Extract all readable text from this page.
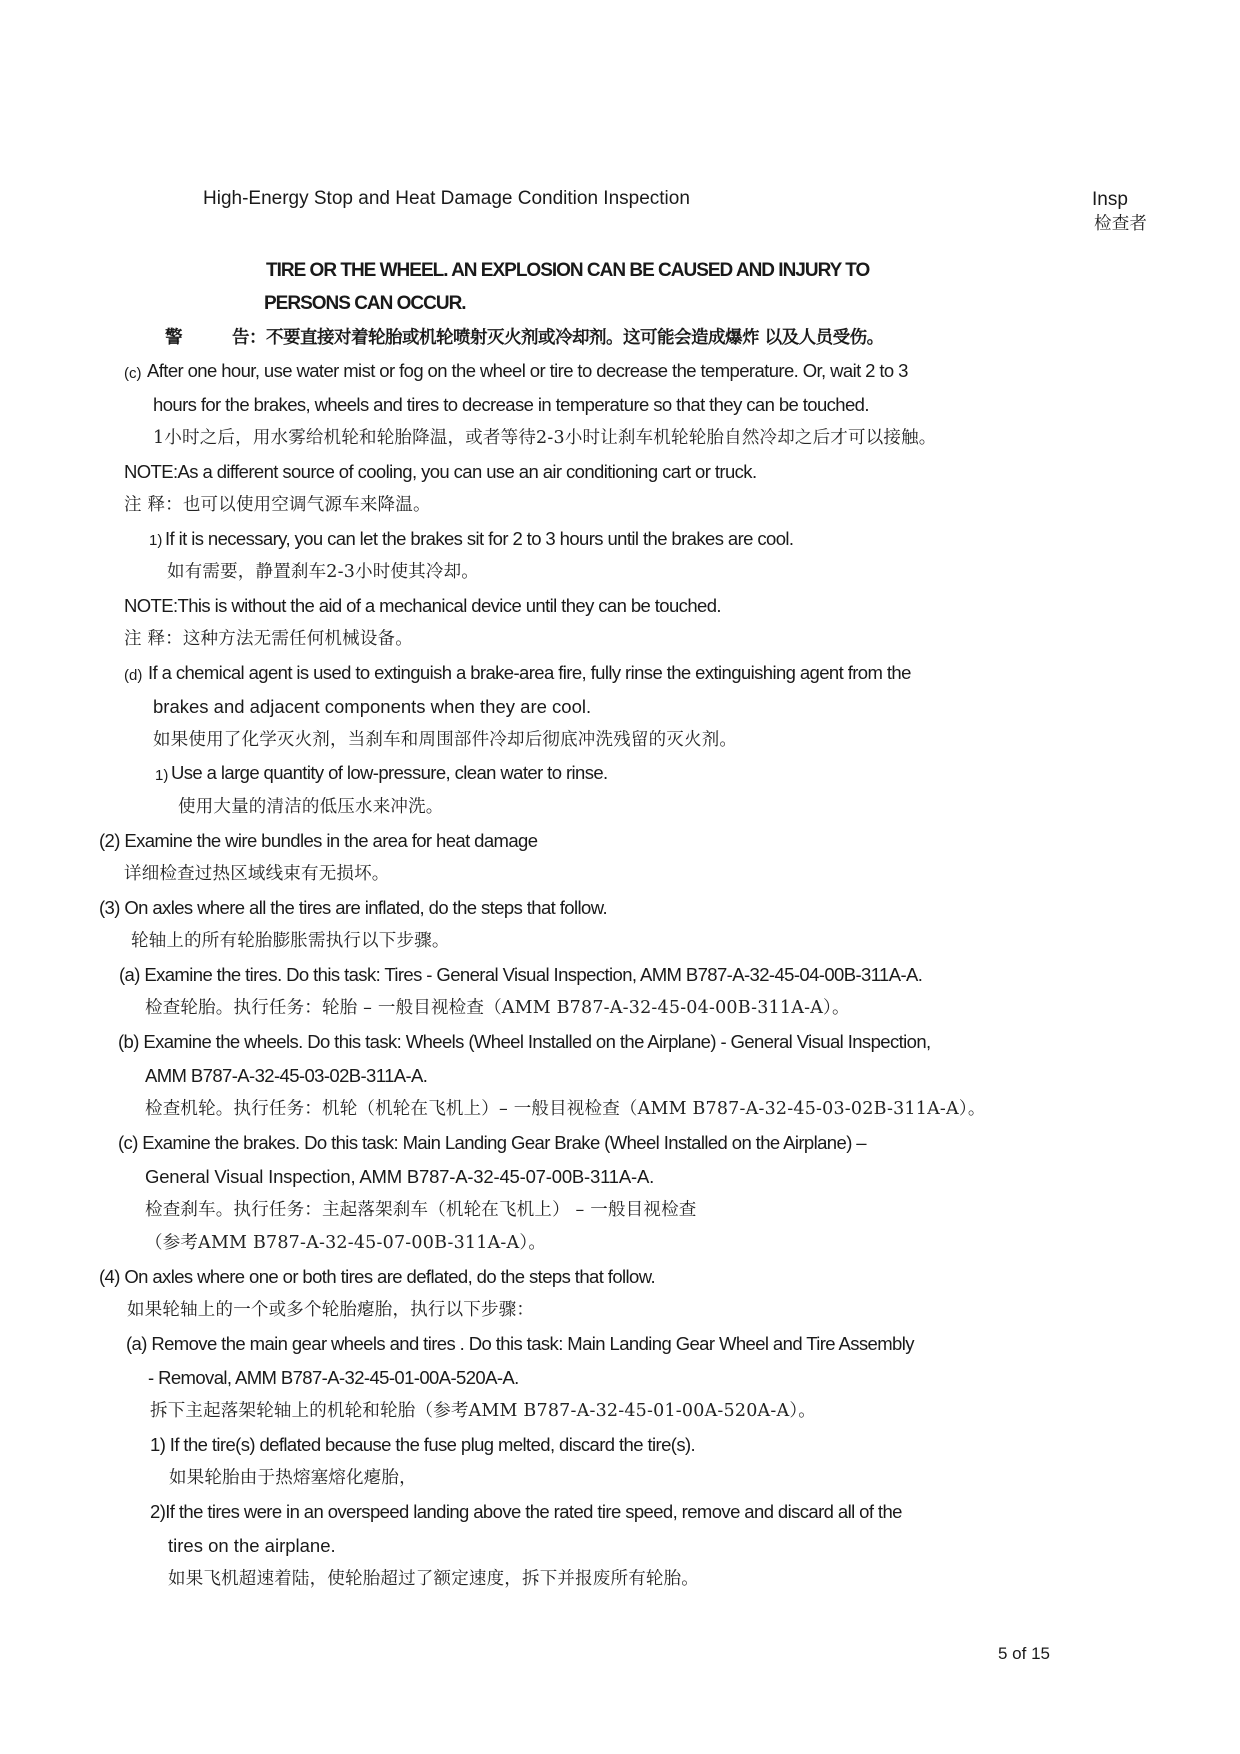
High-Energy Stop and Heat Damage Condition Inspection	Insp
检查者
TIRE OR THE WHEEL. AN EXPLOSION CAN BE CAUSED AND INJURY TO
PERSONS CAN OCCUR.
警	告：不要直接对着轮胎或机轮喷射灭火剂或冷却剂。这可能会造成爆炸 以及人员受伤。
(c) After one hour, use water mist or fog on the wheel or tire to decrease the temperature. Or, wait 2 to 3
hours for the brakes, wheels and tires to decrease in temperature so that they can be touched.
1小时之后，用水雾给机轮和轮胎降温，或者等待2-3小时让刹车机轮轮胎自然冷却之后才可以接触。
NOTE:As a different source of cooling, you can use an air conditioning cart or truck.
注 释：也可以使用空调气源车来降温。
1) If it is necessary, you can let the brakes sit for 2 to 3 hours until the brakes are cool.
如有需要，静置刹车2-3小时使其冷却。
NOTE:This is without the aid of a mechanical device until they can be touched.
注 释：这种方法无需任何机械设备。
(d) If a chemical agent is used to extinguish a brake-area fire, fully rinse the extinguishing agent from the
brakes and adjacent components when they are cool.
如果使用了化学灭火剂，当刹车和周围部件冷却后彻底冲洗残留的灭火剂。
1) Use a large quantity of low-pressure, clean water to rinse.
使用大量的清洁的低压水来冲洗。
(2) Examine the wire bundles in the area for heat damage
详细检查过热区域线束有无损坏。
(3) On axles where all the tires are inflated, do the steps that follow.
轮轴上的所有轮胎膨胀需执行以下步骤。
(a) Examine the tires. Do this task: Tires - General Visual Inspection, AMM B787-A-32-45-04-00B-311A-A.
检查轮胎。执行任务：轮胎 – 一般目视检查（AMM B787-A-32-45-04-00B-311A-A）。
(b) Examine the wheels. Do this task: Wheels (Wheel Installed on the Airplane) - General Visual Inspection,
AMM B787-A-32-45-03-02B-311A-A.
检查机轮。执行任务：机轮（机轮在飞机上）– 一般目视检查（AMM B787-A-32-45-03-02B-311A-A）。
(c) Examine the brakes. Do this task: Main Landing Gear Brake (Wheel Installed on the Airplane) –
General Visual Inspection, AMM B787-A-32-45-07-00B-311A-A.
检查刹车。执行任务：主起落架刹车（机轮在飞机上） – 一般目视检查
（参考AMM B787-A-32-45-07-00B-311A-A）。
(4) On axles where one or both tires are deflated, do the steps that follow.
如果轮轴上的一个或多个轮胎瘪胎，执行以下步骤：
(a) Remove the main gear wheels and tires . Do this task: Main Landing Gear Wheel and Tire Assembly
- Removal, AMM B787-A-32-45-01-00A-520A-A.
拆下主起落架轮轴上的机轮和轮胎（参考AMM B787-A-32-45-01-00A-520A-A）。
1) If the tire(s) deflated because the fuse plug melted, discard the tire(s).
如果轮胎由于热熔塞熔化瘪胎，
2)If the tires were in an overspeed landing above the rated tire speed, remove and discard all of the
tires on the airplane.
如果飞机超速着陆，使轮胎超过了额定速度，拆下并报废所有轮胎。
5 of 15
